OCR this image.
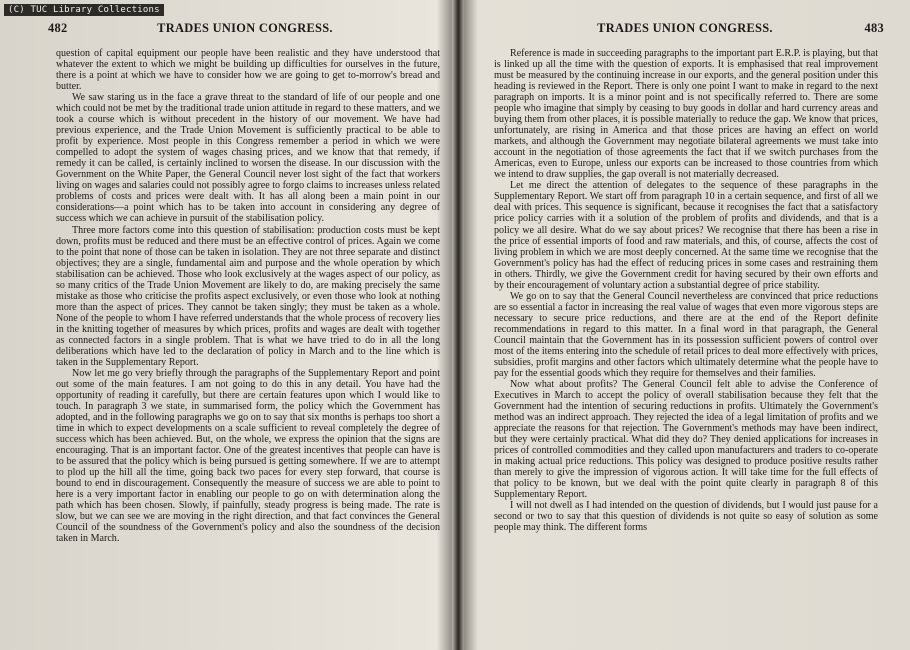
(C) TUC Library Collections
482	TRADES UNION CONGRESS.

question of capital equipment our people have been realistic and they have understood that whatever the extent to which we might be building up difficulties for ourselves in the future, there is a point at which we have to consider how we are going to get to-morrow's bread and butter.

We saw staring us in the face a grave threat to the standard of life of our people and one which could not be met by the traditional trade union attitude in regard to these matters, and we took a course which is without precedent in the history of our movement. We have had previous experience, and the Trade Union Movement is sufficiently practical to be able to profit by experience. Most people in this Congress remember a period in which we were compelled to adopt the system of wages chasing prices, and we know that that remedy, if remedy it can be called, is certainly inclined to worsen the disease. In our discussion with the Government on the White Paper, the General Council never lost sight of the fact that workers living on wages and salaries could not possibly agree to forgo claims to increases unless related problems of costs and prices were dealt with. It has all along been a main point in our considerations—a point which has to be taken into account in considering any degree of success which we can achieve in pursuit of the stabilisation policy.

Three more factors come into this question of stabilisation: production costs must be kept down, profits must be reduced and there must be an effective control of prices. Again we come to the point that none of those can be taken in isolation. They are not three separate and distinct objectives; they are a single, fundamental aim and purpose and the whole operation by which stabilisation can be achieved. Those who look exclusively at the wages aspect of our policy, as so many critics of the Trade Union Movement are likely to do, are making precisely the same mistake as those who criticise the profits aspect exclusively, or even those who look at nothing more than the aspect of prices. They cannot be taken singly; they must be taken as a whole. None of the people to whom I have referred understands that the whole process of recovery lies in the knitting together of measures by which prices, profits and wages are dealt with together as connected factors in a single problem. That is what we have tried to do in all the long deliberations which have led to the declaration of policy in March and to the line which is taken in the Supplementary Report.

Now let me go very briefly through the paragraphs of the Supplementary Report and point out some of the main features. I am not going to do this in any detail. You have had the opportunity of reading it carefully, but there are certain features upon which I would like to touch. In paragraph 3 we state, in summarised form, the policy which the Government has adopted, and in the following paragraphs we go on to say that six months is perhaps too short a time in which to expect developments on a scale sufficient to reveal completely the degree of success which has been achieved. But, on the whole, we express the opinion that the signs are encouraging. That is an important factor. One of the greatest incentives that people can have is to be assured that the policy which is being pursued is getting somewhere. If we are to attempt to plod up the hill all the time, going back two paces for every step forward, that course is bound to end in discouragement. Consequently the measure of success we are able to point to here is a very important factor in enabling our people to go on with determination along the path which has been chosen. Slowly, if painfully, steady progress is being made. The rate is slow, but we can see we are moving in the right direction, and that fact convinces the General Council of the soundness of the Government's policy and also the soundness of the decision taken in March.

TRADES UNION CONGRESS.	483

Reference is made in succeeding paragraphs to the important part E.R.P. is playing, but that is linked up all the time with the question of exports. It is emphasised that real improvement must be measured by the continuing increase in our exports, and the general position under this heading is reviewed in the Report. There is only one point I want to make in regard to the next paragraph on imports. It is a minor point and is not specifically referred to. There are some people who imagine that simply by ceasing to buy goods in dollar and hard currency areas and buying them from other places, it is possible materially to reduce the gap. We know that prices, unfortunately, are rising in America and that those prices are having an effect on world markets, and although the Government may negotiate bilateral agreements we must take into account in the negotiation of those agreements the fact that if we switch purchases from the Americas, even to Europe, unless our exports can be increased to those countries from which we intend to draw supplies, the gap overall is not materially decreased.

Let me direct the attention of delegates to the sequence of these paragraphs in the Supplementary Report. We start off from paragraph 10 in a certain sequence, and first of all we deal with prices. This sequence is significant, because it recognises the fact that a satisfactory price policy carries with it a solution of the problem of profits and dividends, and that is a policy we all desire. What do we say about prices? We recognise that there has been a rise in the price of essential imports of food and raw materials, and this, of course, affects the cost of living problem in which we are most deeply concerned. At the same time we recognise that the Government's policy has had the effect of reducing prices in some cases and restraining them in others. Thirdly, we give the Government credit for having secured by their own efforts and by their encouragement of voluntary action a substantial degree of price stability.

We go on to say that the General Council nevertheless are convinced that price reductions are so essential a factor in increasing the real value of wages that even more vigorous steps are necessary to secure price reductions, and there are at the end of the Report definite recommendations in regard to this matter. In a final word in that paragraph, the General Council maintain that the Government has in its possession sufficient powers of control over most of the items entering into the schedule of retail prices to deal more effectively with prices, subsidies, profit margins and other factors which ultimately determine what the people have to pay for the essential goods which they require for themselves and their families.

Now what about profits? The General Council felt able to advise the Conference of Executives in March to accept the policy of overall stabilisation because they felt that the Government had the intention of securing reductions in profits. Ultimately the Government's method was an indirect approach. They rejected the idea of a legal limitation of profits and we appreciate the reasons for that rejection. The Government's methods may have been indirect, but they were certainly practical. What did they do? They denied applications for increases in prices of controlled commodities and they called upon manufacturers and traders to co-operate in making actual price reductions. This policy was designed to produce positive results rather than merely to give the impression of vigorous action. It will take time for the full effects of that policy to be known, but we deal with the point quite clearly in paragraph 8 of this Supplementary Report.

I will not dwell as I had intended on the question of dividends, but I would just pause for a second or two to say that this question of dividends is not quite so easy of solution as some people may think. The different forms
